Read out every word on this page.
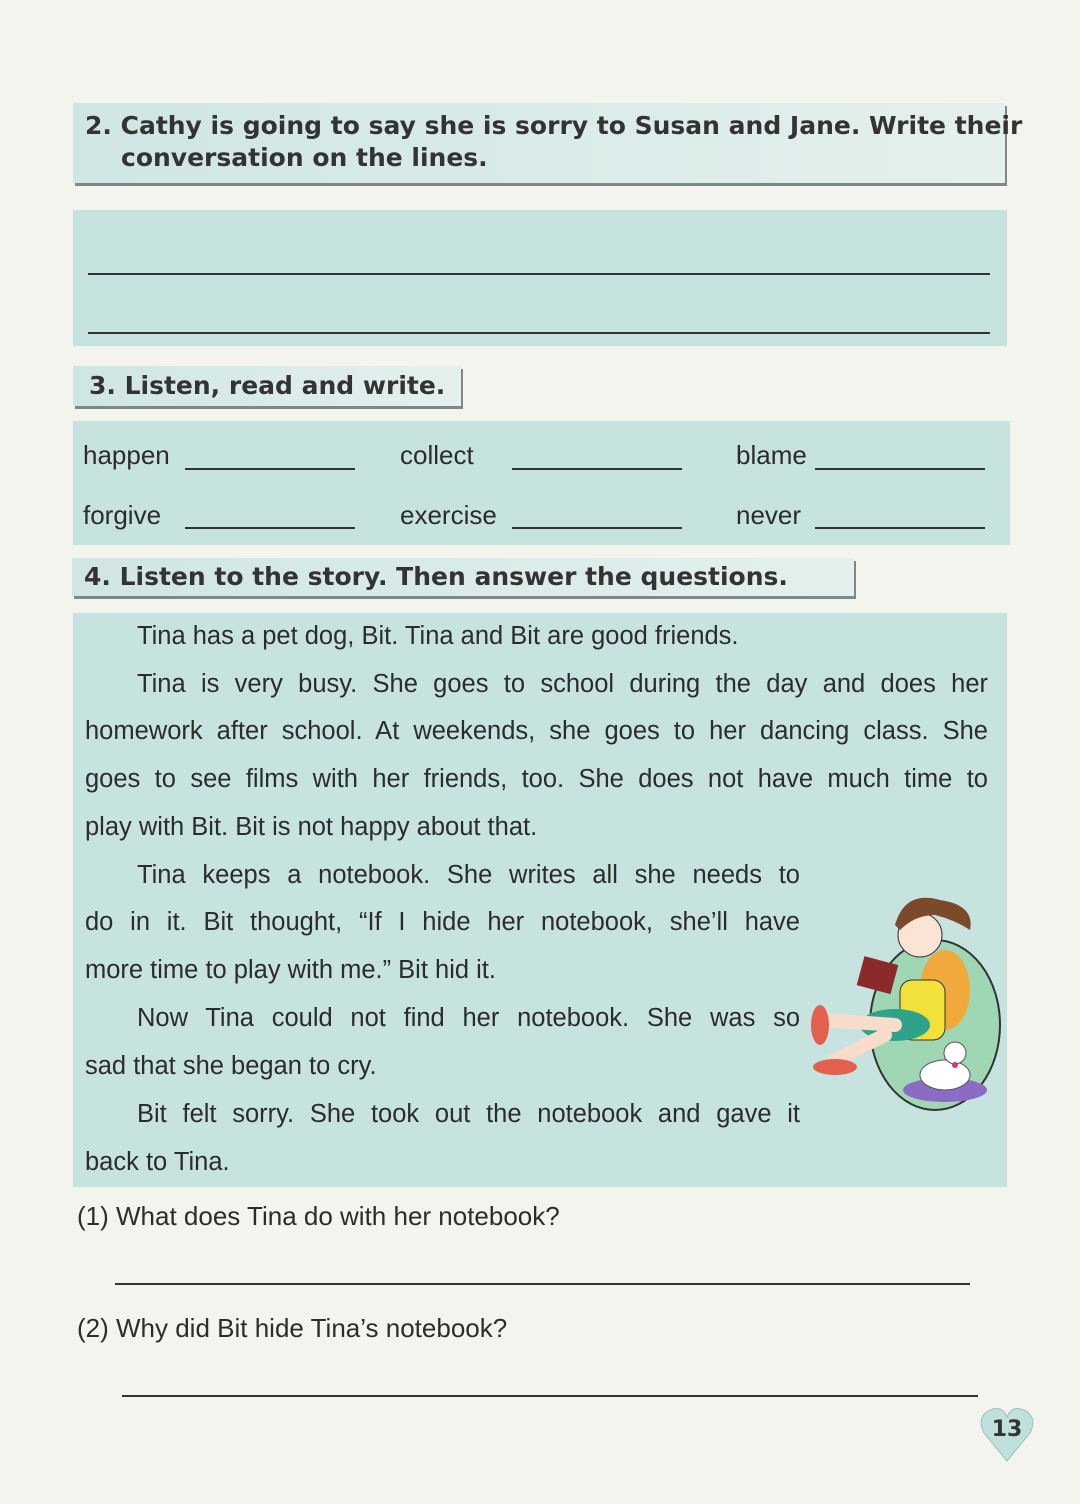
2. Cathy is going to say she is sorry to Susan and Jane. Write their
conversation on the lines.
3. Listen, read and write.
happen	collect	blame
forgive	exercise	never
4. Listen to the story. Then answer the questions.
Tina has a pet dog, Bit. Tina and Bit are good friends.
Tina is very busy. She goes to school during the day and does her
homework after school. At weekends, she goes to her dancing class. She
goes to see films with her friends, too. She does not have much time to
play with Bit. Bit is not happy about that.
Tina keeps a notebook. She writes all she needs to
do in it. Bit thought, “If I hide her notebook, she’ll have
more time to play with me.” Bit hid it.
Now Tina could not find her notebook. She was so
sad that she began to cry.
Bit felt sorry. She took out the notebook and gave it
back to Tina.
(1) What does Tina do with her notebook?
(2) Why did Bit hide Tina’s notebook?
13
